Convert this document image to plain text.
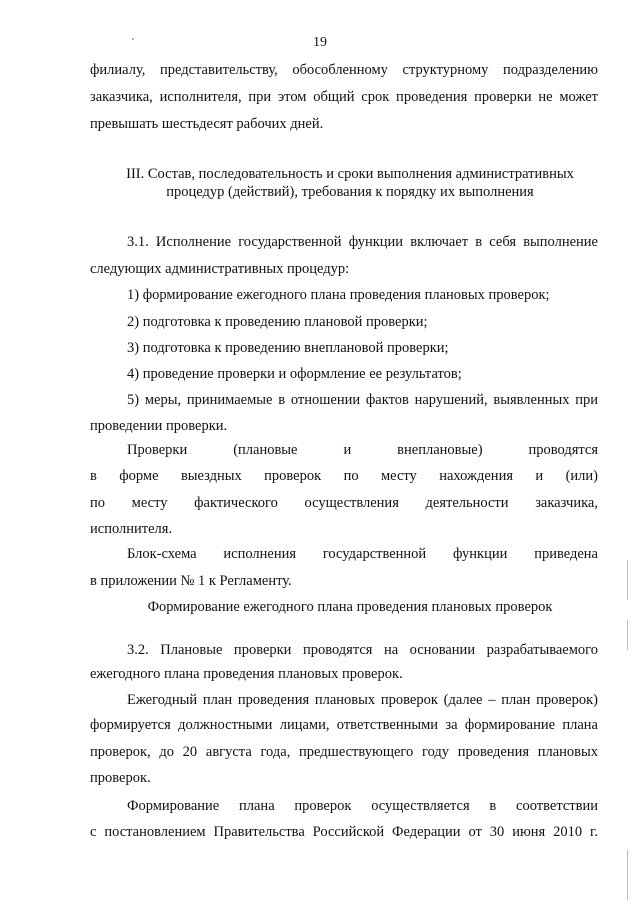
19
филиалу, представительству, обособленному структурному подразделению
заказчика, исполнителя, при этом общий срок проведения проверки не может
превышать шестьдесят рабочих дней.
III. Состав, последовательность и сроки выполнения административных
процедур (действий), требования к порядку их выполнения
3.1. Исполнение государственной функции включает в себя выполнение
следующих административных процедур:
1) формирование ежегодного плана проведения плановых проверок;
2) подготовка к проведению плановой проверки;
3) подготовка к проведению внеплановой проверки;
4) проведение проверки и оформление ее результатов;
5) меры, принимаемые в отношении фактов нарушений, выявленных при
проведении проверки.
Проверки (плановые и внеплановые) проводятся
в форме выездных проверок по месту нахождения и (или)
по месту фактического осуществления деятельности заказчика,
исполнителя.
Блок-схема исполнения государственной функции приведена
в приложении № 1 к Регламенту.
Формирование ежегодного плана проведения плановых проверок
3.2. Плановые проверки проводятся на основании разрабатываемого
ежегодного плана проведения плановых проверок.
Ежегодный план проведения плановых проверок (далее – план проверок)
формируется должностными лицами, ответственными за формирование плана
проверок, до 20 августа года, предшествующего году проведения плановых
проверок.
Формирование плана проверок осуществляется в соответствии
с постановлением Правительства Российской Федерации от 30 июня 2010 г.
